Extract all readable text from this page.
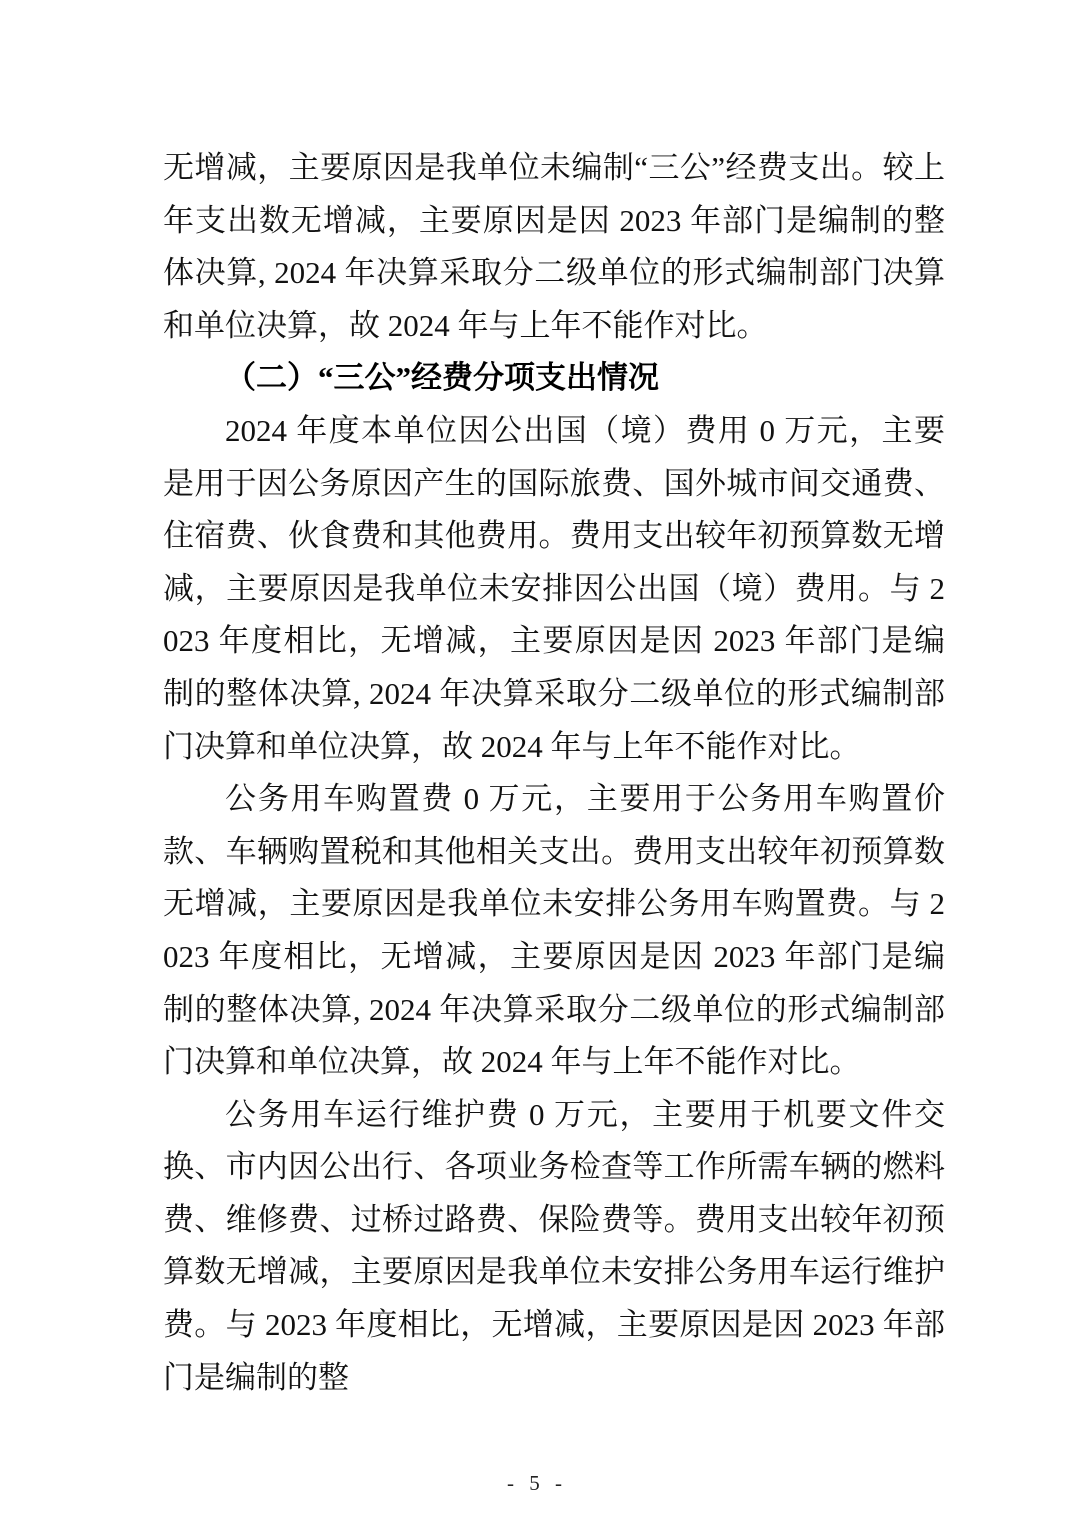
无增减，主要原因是我单位未编制“三公”经费支出。较上年支出数无增减，主要原因是因 2023 年部门是编制的整体决算, 2024 年决算采取分二级单位的形式编制部门决算和单位决算，故 2024 年与上年不能作对比。

（二）“三公”经费分项支出情况

2024 年度本单位因公出国（境）费用 0 万元，主要是用于因公务原因产生的国际旅费、国外城市间交通费、住宿费、伙食费和其他费用。费用支出较年初预算数无增减，主要原因是我单位未安排因公出国（境）费用。与 2023 年度相比，无增减，主要原因是因 2023 年部门是编制的整体决算, 2024 年决算采取分二级单位的形式编制部门决算和单位决算，故 2024 年与上年不能作对比。

公务用车购置费 0 万元，主要用于公务用车购置价款、车辆购置税和其他相关支出。费用支出较年初预算数无增减，主要原因是我单位未安排公务用车购置费。与 2023 年度相比，无增减，主要原因是因 2023 年部门是编制的整体决算, 2024 年决算采取分二级单位的形式编制部门决算和单位决算，故 2024 年与上年不能作对比。

公务用车运行维护费 0 万元，主要用于机要文件交换、市内因公出行、各项业务检查等工作所需车辆的燃料费、维修费、过桥过路费、保险费等。费用支出较年初预算数无增减，主要原因是我单位未安排公务用车运行维护费。与 2023 年度相比，无增减，主要原因是因 2023 年部门是编制的整

- 5 -
